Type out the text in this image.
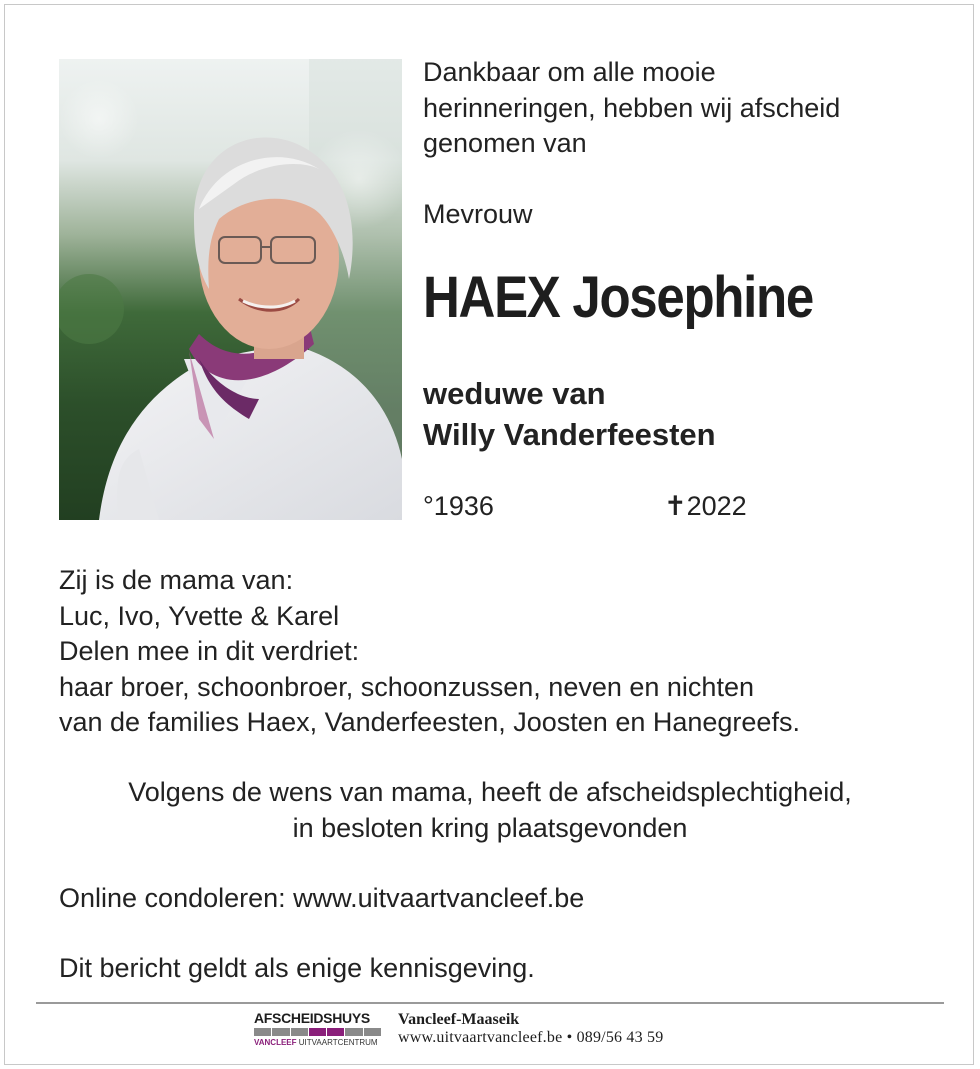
Dankbaar om alle mooie
herinneringen, hebben wij afscheid
genomen van
Mevrouw
HAEX Josephine
weduwe van
Willy Vanderfeesten
°1936	✝2022
Zij is de mama van:
Luc, Ivo, Yvette & Karel
Delen mee in dit verdriet:
haar broer, schoonbroer, schoonzussen, neven en nichten
van de families Haex, Vanderfeesten, Joosten en Hanegreefs.
Volgens de wens van mama, heeft de afscheidsplechtigheid,
in besloten kring plaatsgevonden
Online condoleren: www.uitvaartvancleef.be
Dit bericht geldt als enige kennisgeving.
AFSCHEIDSHUYS
VANCLEEF UITVAARTCENTRUM
Vancleef-Maaseik
www.uitvaartvancleef.be • 089/56 43 59
